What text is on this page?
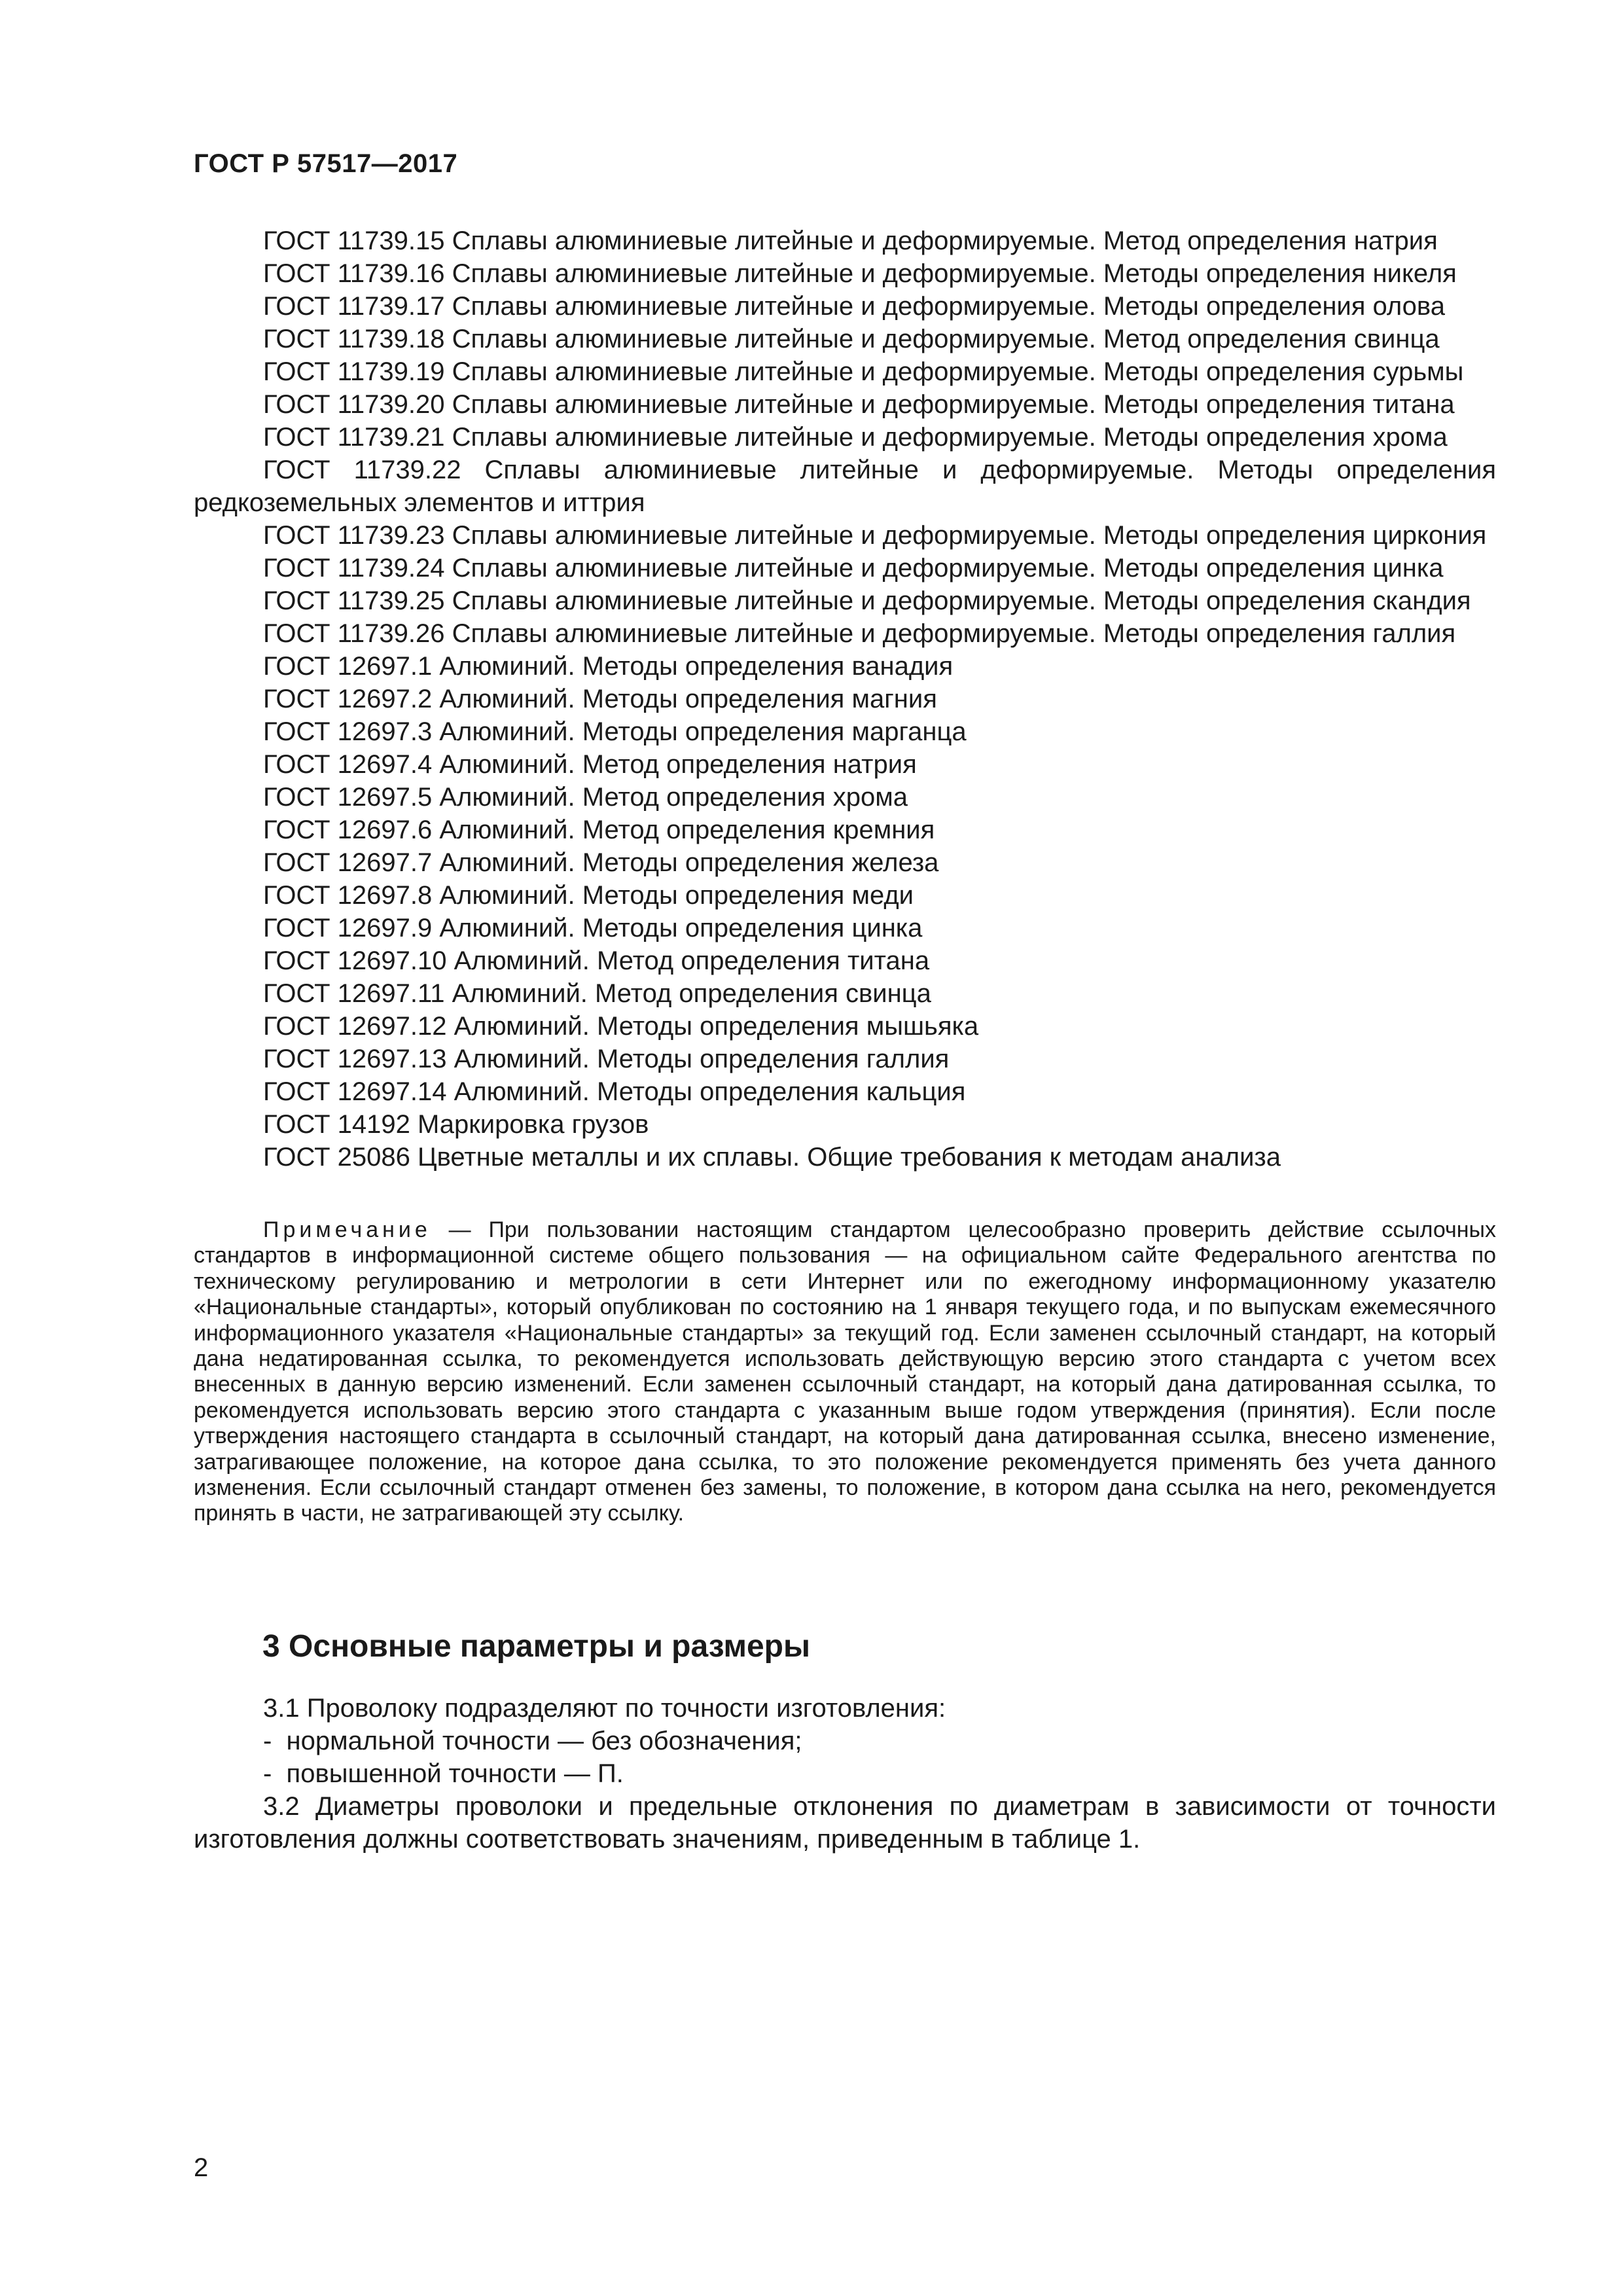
ГОСТ Р 57517—2017
ГОСТ 11739.15 Сплавы алюминиевые литейные и деформируемые. Метод определения натрия
ГОСТ 11739.16 Сплавы алюминиевые литейные и деформируемые. Методы определения никеля
ГОСТ 11739.17 Сплавы алюминиевые литейные и деформируемые. Методы определения олова
ГОСТ 11739.18 Сплавы алюминиевые литейные и деформируемые. Метод определения свинца
ГОСТ 11739.19 Сплавы алюминиевые литейные и деформируемые. Методы определения сурьмы
ГОСТ 11739.20 Сплавы алюминиевые литейные и деформируемые. Методы определения титана
ГОСТ 11739.21 Сплавы алюминиевые литейные и деформируемые. Методы определения хрома
ГОСТ 11739.22 Сплавы алюминиевые литейные и деформируемые. Методы определения редкоземельных элементов и иттрия
ГОСТ 11739.23 Сплавы алюминиевые литейные и деформируемые. Методы определения циркония
ГОСТ 11739.24 Сплавы алюминиевые литейные и деформируемые. Методы определения цинка
ГОСТ 11739.25 Сплавы алюминиевые литейные и деформируемые. Методы определения скандия
ГОСТ 11739.26 Сплавы алюминиевые литейные и деформируемые. Методы определения галлия
ГОСТ 12697.1 Алюминий. Методы определения ванадия
ГОСТ 12697.2 Алюминий. Методы определения магния
ГОСТ 12697.3 Алюминий. Методы определения марганца
ГОСТ 12697.4 Алюминий. Метод определения натрия
ГОСТ 12697.5 Алюминий. Метод определения хрома
ГОСТ 12697.6 Алюминий. Метод определения кремния
ГОСТ 12697.7 Алюминий. Методы определения железа
ГОСТ 12697.8 Алюминий. Методы определения меди
ГОСТ 12697.9 Алюминий. Методы определения цинка
ГОСТ 12697.10 Алюминий. Метод определения титана
ГОСТ 12697.11 Алюминий. Метод определения свинца
ГОСТ 12697.12 Алюминий. Методы определения мышьяка
ГОСТ 12697.13 Алюминий. Методы определения галлия
ГОСТ 12697.14 Алюминий. Методы определения кальция
ГОСТ 14192 Маркировка грузов
ГОСТ 25086 Цветные металлы и их сплавы. Общие требования к методам анализа
Примечание — При пользовании настоящим стандартом целесообразно проверить действие ссылочных стандартов в информационной системе общего пользования — на официальном сайте Федерального агентства по техническому регулированию и метрологии в сети Интернет или по ежегодному информационному указателю «Национальные стандарты», который опубликован по состоянию на 1 января текущего года, и по выпускам ежемесячного информационного указателя «Национальные стандарты» за текущий год. Если заменен ссылочный стандарт, на который дана недатированная ссылка, то рекомендуется использовать действующую версию этого стандарта с учетом всех внесенных в данную версию изменений. Если заменен ссылочный стандарт, на который дана датированная ссылка, то рекомендуется использовать версию этого стандарта с указанным выше годом утверждения (принятия). Если после утверждения настоящего стандарта в ссылочный стандарт, на который дана датированная ссылка, внесено изменение, затрагивающее положение, на которое дана ссылка, то это положение рекомендуется применять без учета данного изменения. Если ссылочный стандарт отменен без замены, то положение, в котором дана ссылка на него, рекомендуется принять в части, не затрагивающей эту ссылку.
3 Основные параметры и размеры
3.1 Проволоку подразделяют по точности изготовления:
-  нормальной точности — без обозначения;
-  повышенной точности — П.
3.2 Диаметры проволоки и предельные отклонения по диаметрам в зависимости от точности изготовления должны соответствовать значениям, приведенным в таблице 1.
2
